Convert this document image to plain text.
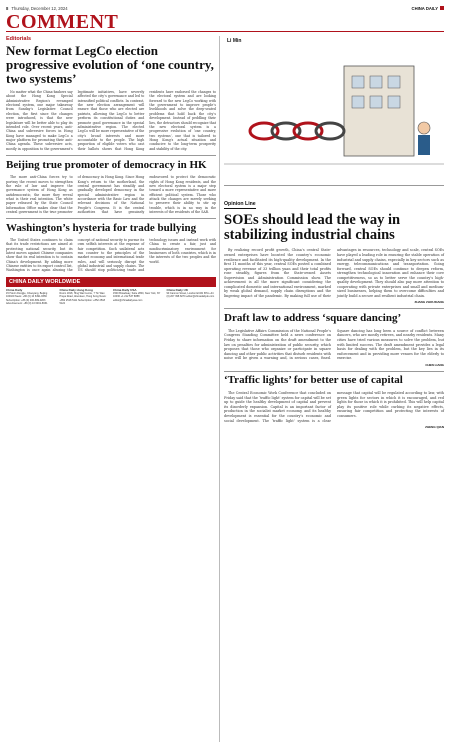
8 Thursday, December 12, 2024	CHINA DAILY
COMMENT
Editorials
New format LegCo election progressive evolution of ‘one country, two systems’

No matter what the China-bashers say about the Hong Kong Special Administrative Region’s revamped electoral system, one major takeaway from Sunday’s Legislative Council election, the first since the changes were introduced, is that the new legislature will be better able to play its intended role. Over recent years, anti-China and subversive forces in Hong Kong have managed to make LegCo a major platform for promoting their anti-China agenda. These subversive acts, mostly in opposition to the government’s legitimate initiatives, have severely affected the city’s governance and led to intensified political conflicts. In contrast, the new election arrangement will ensure that those who are elected are patriots, allowing the LegCo to better perform its constitutional duties and promote good governance in the special administrative region. The elected LegCo will be more representative of the city’s broad interests and more accountable to the people. The high proportion of eligible voters who cast their ballots shows that Hong Kong residents have endorsed the changes to the electoral system and are looking forward to the new LegCo working with the government to improve people’s livelihoods and solve the deep-seated problems that hold back the city’s development. Instead of peddling their lies, the detractors should recognize that the new electoral system is a progressive evolution of ‘one country, two systems’, one that is tailored to Hong Kong’s actual situation and conducive to the long-term prosperity and stability of the city.

Beijing true promoter of democracy in HK

The more anti-China forces try to portray the recent moves to strengthen the rule of law and improve the governance system of Hong Kong as antidemocratic, the more they reveal what is their real intention. The white paper released by the State Council Information Office makes clear that the central government is the true promoter of democracy in Hong Kong. Since Hong Kong’s return to the motherland, the central government has steadily and gradually developed democracy in the special administrative region in accordance with the Basic Law and the relevant decisions of the National People’s Congress. It is the central authorities that have genuinely endeavored to protect the democratic rights of Hong Kong residents, and the new electoral system is a major step toward a more representative and more efficient political system. Those who attack the changes are merely seeking to preserve their ability to stir up trouble, which is in no way in the interests of the residents of the SAR.

Washington’s hysteria for trade bullying

The United States continues to claim that its trade restrictions are aimed at protecting national security, but its latest moves against Chinese companies show that its real intention is to contain China’s development. By adding more Chinese entities to its export control list, Washington is once again abusing the concept of national security to pursue its own selfish interests at the expense of fair competition. Such unilateral acts run counter to the principles of the market economy and international trade rules, and will seriously disrupt the global industrial and supply chains. The US should stop politicizing trade and technology issues and instead work with China to create a fair, just and nondiscriminatory environment for businesses of both countries, which is in the interests of the two peoples and the world.

CHINA DAILY WORLDWIDE
China Daily
15 Huixin Dongjie, Chaoyang, Beijing 100029 News: +86 (0) 10 6491-8366 Subscription: +86 (0) 400-699-0203 Advertisement: +86 (0) 10 6491-8631
China Daily Hong Kong
Room 1818, Hing Wai Centre, 7 Tin Wan Praya Road, Aberdeen, Hong Kong News: +852 2518 5111 Subscription: +852 2518 5122
China Daily USA
1500 Broadway, Suite 2800, New York, NY 10036 +1 212 537 8888 editor@chinadailyusa.com
China Daily UK
90 Cannon Street, London EC4N 6HA +44 (0) 207 398 8270 editor@chinadailyuk.com
Li Min
Opinion Line
SOEs should lead the way in stabilizing industrial chains

By realizing record profit growth, China’s central State-owned enterprises have boosted the country’s economic resilience and facilitated its high-quality development. In the first 11 months of this year, central SOEs posted a combined operating revenue of 33 trillion yuan and their total profits rose steadily, figures from the State-owned Assets Supervision and Administration Commission show. The achievement is all the more significant considering the complicated domestic and international environment, marked by weak global demand, supply chain disruptions and the lingering impact of the pandemic. By making full use of their advantages in resources, technology and scale, central SOEs have played a leading role in ensuring the stable operation of industrial and supply chains, especially in key sectors such as energy, telecommunications and transportation. Going forward, central SOEs should continue to deepen reform, strengthen technological innovation and enhance their core competitiveness, so as to better serve the country’s high-quality development. They should also pay more attention to cooperating with private enterprises and small and medium-sized businesses, helping them to overcome difficulties and jointly build a secure and resilient industrial chain.

ZHANG ZHOUXIANG
Draft law to address ‘square dancing’

The Legislative Affairs Commission of the National People’s Congress Standing Committee held a news conference on Friday to share information on the draft amendment to the law on penalties for administration of public security, which proposes that those who organize or participate in square dancing and other public activities that disturb residents with noise will be given a warning and, in serious cases, fined. Square dancing has long been a source of conflict between dancers, who are mostly retirees, and nearby residents. Many cities have tried various measures to solve the problem, but with limited success. The draft amendment provides a legal basis for dealing with the problem, but the key lies in its enforcement and in providing more venues for the elderly to exercise.

CHEN LIANG
‘Traffic lights’ for better use of capital

The Central Economic Work Conference that concluded on Friday said that the ‘traffic light’ system for capital will be set up to guide the healthy development of capital and prevent its disorderly expansion. Capital is an important factor of production in the socialist market economy, and its healthy development is essential for the country’s economic and social development. The ‘traffic light’ system is a clear message that capital will be regulated according to law, with green lights for sectors in which it is encouraged, and red lights for those in which it is prohibited. This will help capital play its positive role while curbing its negative effects, ensuring fair competition and protecting the interests of consumers.

ZHENG QIAN
